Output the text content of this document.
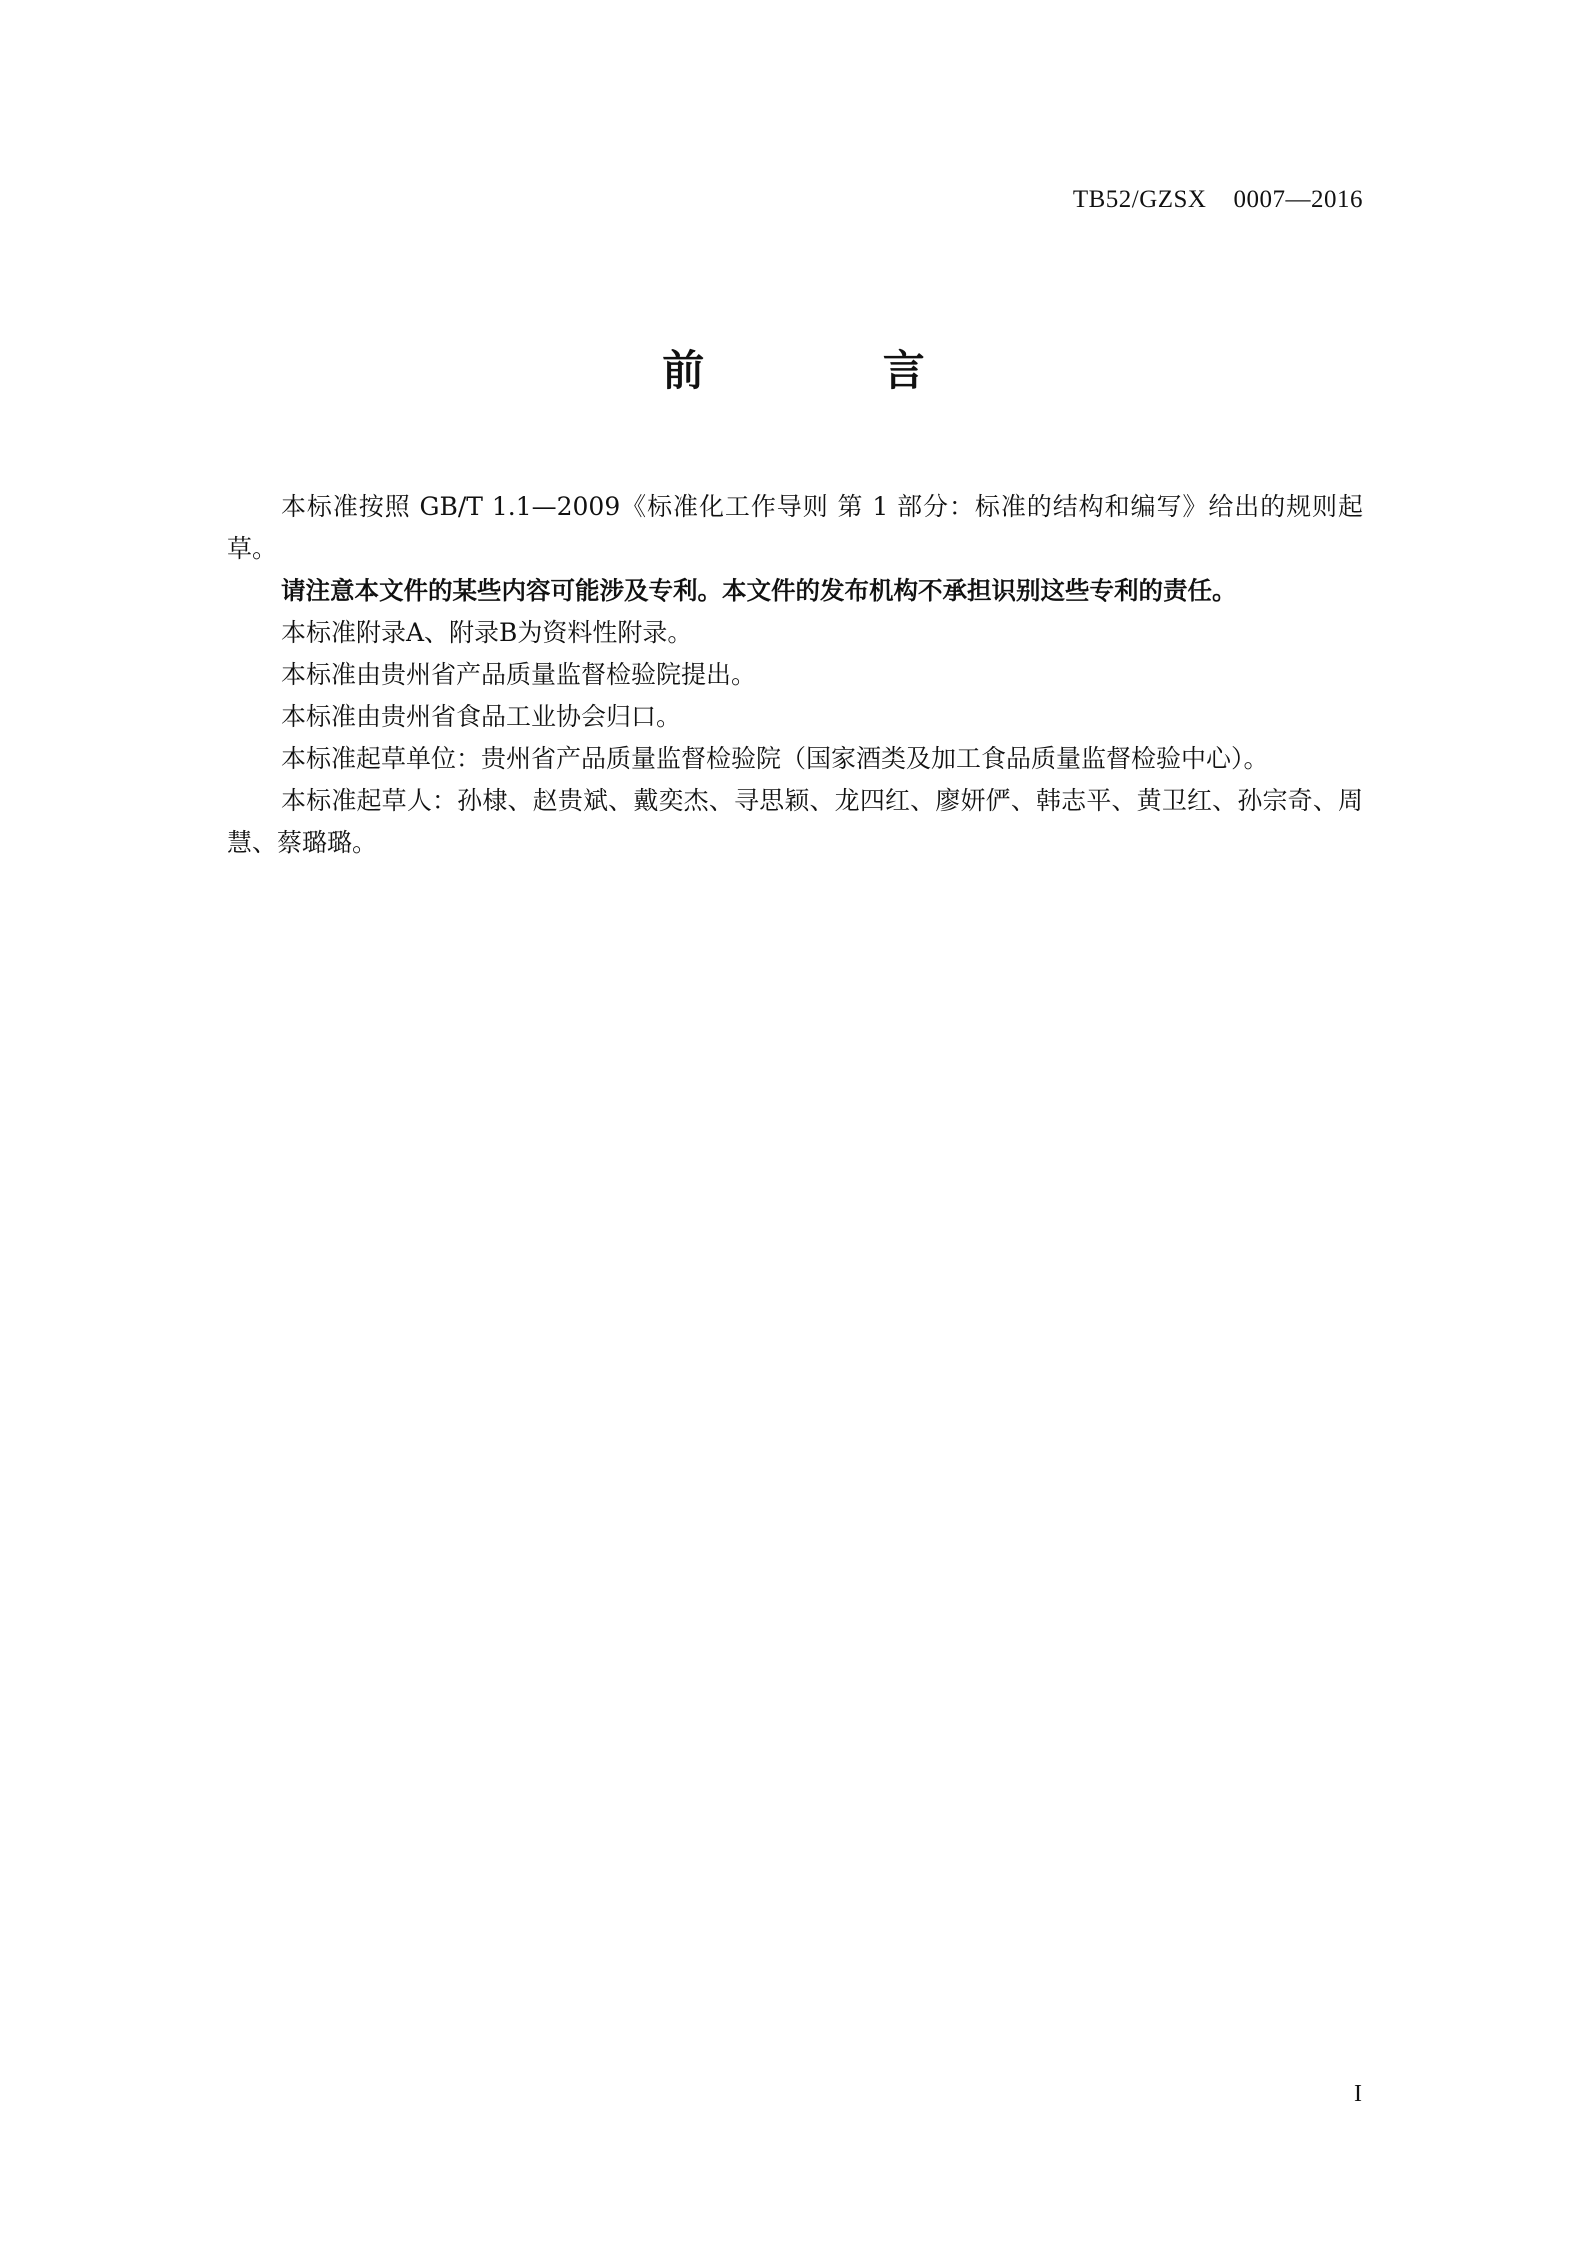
TB52/GZSX    0007—2016
前 言

本标准按照 GB/T 1.1—2009《标准化工作导则 第 1 部分：标准的结构和编写》给出的规则起草。

请注意本文件的某些内容可能涉及专利。本文件的发布机构不承担识别这些专利的责任。

本标准附录A、附录B为资料性附录。

本标准由贵州省产品质量监督检验院提出。

本标准由贵州省食品工业协会归口。

本标准起草单位：贵州省产品质量监督检验院（国家酒类及加工食品质量监督检验中心）。

本标准起草人：孙棣、赵贵斌、戴奕杰、寻思颖、龙四红、廖妍俨、韩志平、黄卫红、孙宗奇、周慧、蔡璐璐。

I
